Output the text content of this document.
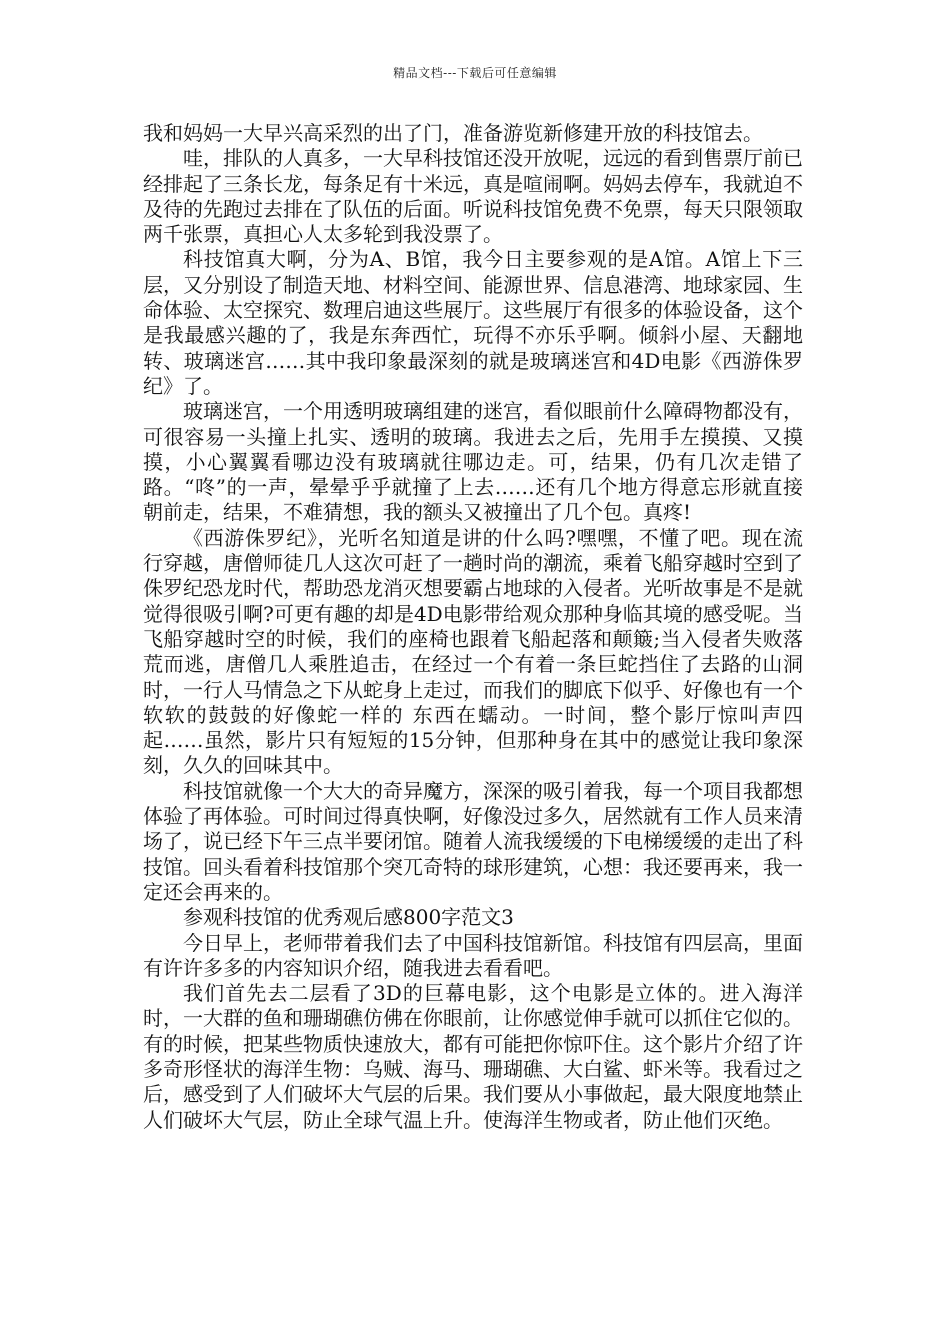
精品文档---下载后可任意编辑

我和妈妈一大早兴高采烈的出了门，准备游览新修建开放的科技馆去。

哇，排队的人真多，一大早科技馆还没开放呢，远远的看到售票厅前已经排起了三条长龙，每条足有十米远，真是喧闹啊。妈妈去停车，我就迫不及待的先跑过去排在了队伍的后面。听说科技馆免费不免票，每天只限领取两千张票，真担心人太多轮到我没票了。

科技馆真大啊，分为A、B馆，我今日主要参观的是A馆。A馆上下三层，又分别设了制造天地、材料空间、能源世界、信息港湾、地球家园、生命体验、太空探究、数理启迪这些展厅。这些展厅有很多的体验设备，这个是我最感兴趣的了，我是东奔西忙，玩得不亦乐乎啊。倾斜小屋、天翻地转、玻璃迷宫……其中我印象最深刻的就是玻璃迷宫和4D电影《西游侏罗纪》了。

玻璃迷宫，一个用透明玻璃组建的迷宫，看似眼前什么障碍物都没有，可很容易一头撞上扎实、透明的玻璃。我进去之后，先用手左摸摸、又摸摸，小心翼翼看哪边没有玻璃就往哪边走。可，结果，仍有几次走错了路。“咚”的一声，晕晕乎乎就撞了上去……还有几个地方得意忘形就直接朝前走，结果，不难猜想，我的额头又被撞出了几个包。真疼!

《西游侏罗纪》，光听名知道是讲的什么吗?嘿嘿，不懂了吧。现在流行穿越，唐僧师徒几人这次可赶了一趟时尚的潮流，乘着飞船穿越时空到了侏罗纪恐龙时代，帮助恐龙消灭想要霸占地球的入侵者。光听故事是不是就觉得很吸引啊?可更有趣的却是4D电影带给观众那种身临其境的感受呢。当飞船穿越时空的时候，我们的座椅也跟着飞船起落和颠簸;当入侵者失败落荒而逃，唐僧几人乘胜追击，在经过一个有着一条巨蛇挡住了去路的山洞时，一行人马情急之下从蛇身上走过，而我们的脚底下似乎、好像也有一个软软的鼓鼓的好像蛇一样的 东西在蠕动。一时间，整个影厅惊叫声四起……虽然，影片只有短短的15分钟，但那种身在其中的感觉让我印象深刻，久久的回味其中。

科技馆就像一个大大的奇异魔方，深深的吸引着我，每一个项目我都想体验了再体验。可时间过得真快啊，好像没过多久，居然就有工作人员来清场了，说已经下午三点半要闭馆。随着人流我缓缓的下电梯缓缓的走出了科技馆。回头看着科技馆那个突兀奇特的球形建筑，心想：我还要再来，我一定还会再来的。

参观科技馆的优秀观后感800字范文3

今日早上，老师带着我们去了中国科技馆新馆。科技馆有四层高，里面有许许多多的内容知识介绍，随我进去看看吧。

我们首先去二层看了3D的巨幕电影，这个电影是立体的。进入海洋时，一大群的鱼和珊瑚礁仿佛在你眼前，让你感觉伸手就可以抓住它似的。有的时候，把某些物质快速放大，都有可能把你惊吓住。这个影片介绍了许多奇形怪状的海洋生物：乌贼、海马、珊瑚礁、大白鲨、虾米等。我看过之后，感受到了人们破坏大气层的后果。我们要从小事做起，最大限度地禁止人们破坏大气层，防止全球气温上升。使海洋生物或者，防止他们灭绝。
